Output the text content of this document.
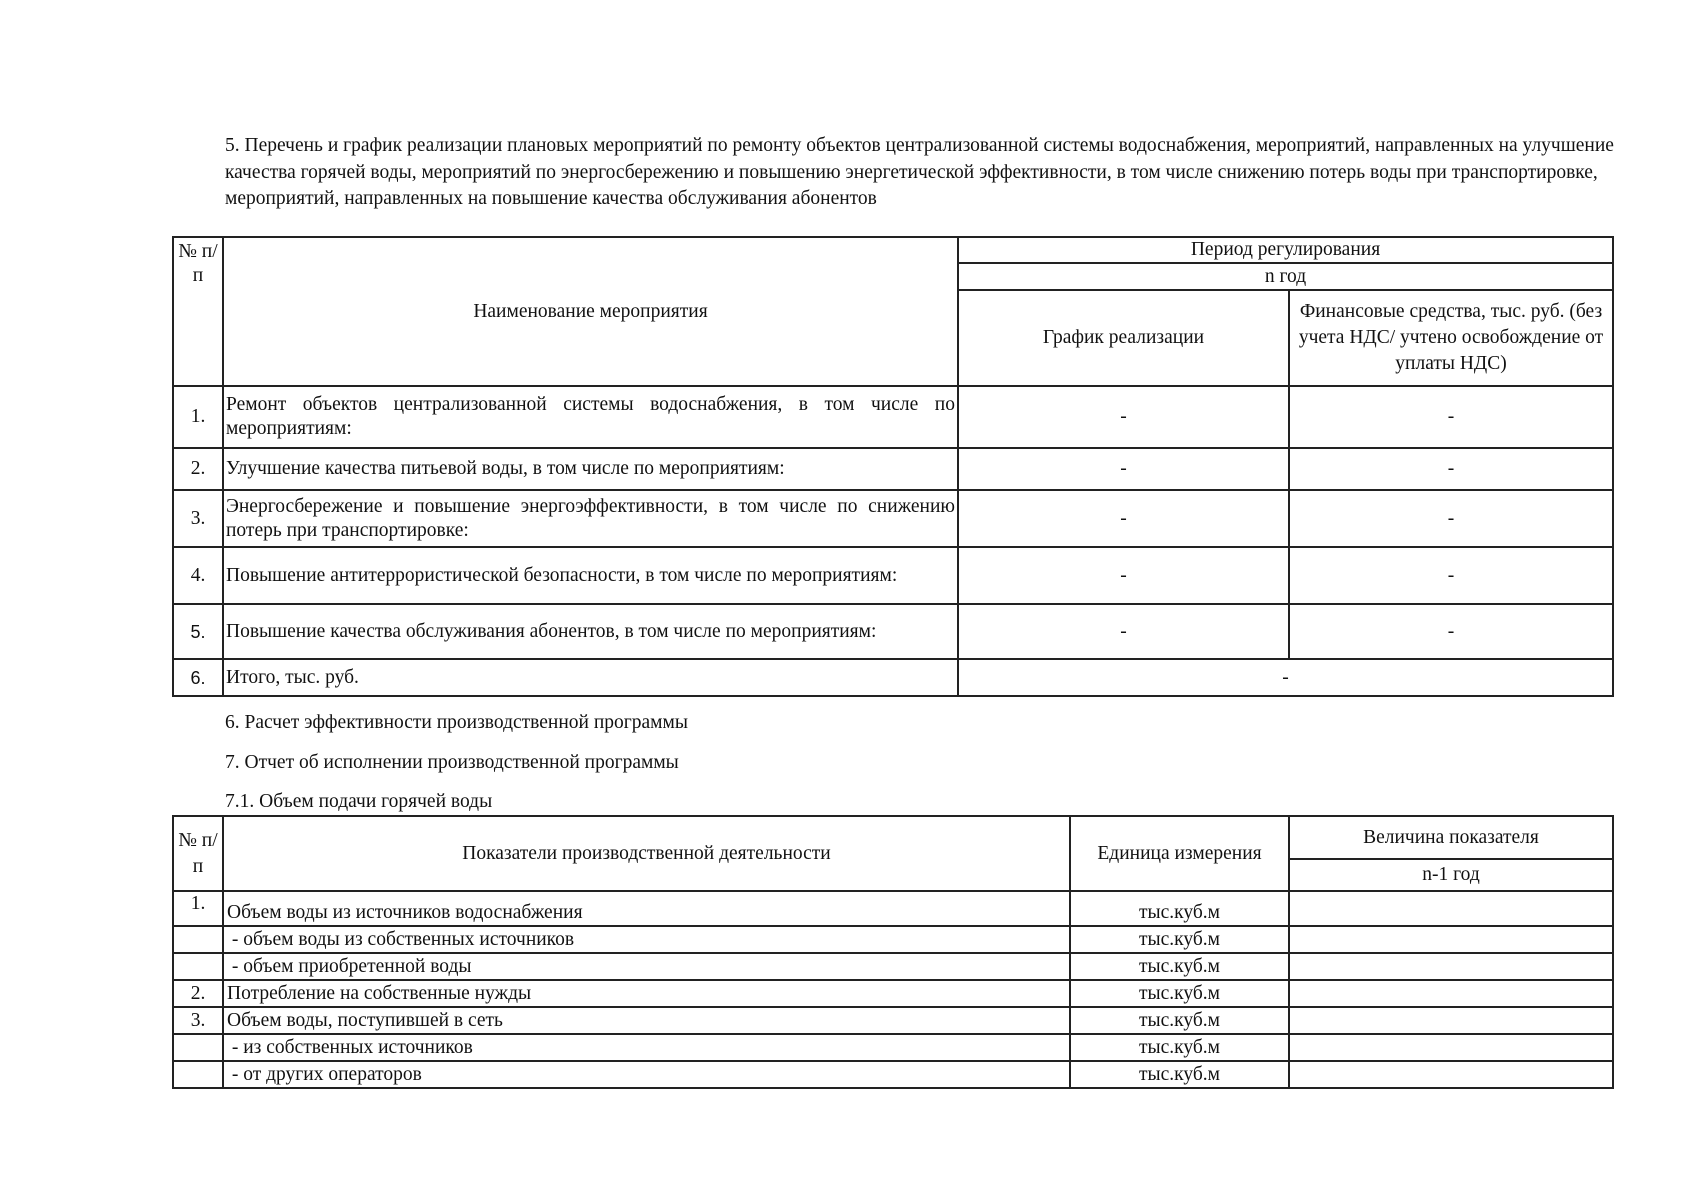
5. Перечень и график реализации плановых мероприятий по ремонту объектов централизованной системы водоснабжения, мероприятий, направленных на улучшение качества горячей воды, мероприятий по энергосбережению и повышению энергетической эффективности, в том числе снижению потерь воды при транспортировке, мероприятий, направленных на повышение качества обслуживания абонентов

№ п/п	Наименование мероприятия	Период регулирования	
		n год	
		График реализации	Финансовые средства, тыс. руб. (без учета НДС/ учтено освобождение от уплаты НДС)
1.	Ремонт объектов централизованной системы водоснабжения, в том числе по мероприятиям:	-	-
2.	Улучшение качества питьевой воды, в том числе по мероприятиям:	-	-
3.	Энергосбережение и повышение энергоэффективности, в том числе по снижению потерь при транспортировке:	-	-
4.	Повышение антитеррористической безопасности, в том числе по мероприятиям:	-	-
5.	Повышение качества обслуживания абонентов, в том числе по мероприятиям:	-	-
6.	Итого, тыс. руб.	-	

6. Расчет эффективности производственной программы

7. Отчет об исполнении производственной программы

7.1. Объем подачи горячей воды

№ п/п	Показатели производственной деятельности	Единица измерения	Величина показателя
			n-1 год
1.	Объем воды из источников водоснабжения	тыс.куб.м	
	- объем воды из собственных источников	тыс.куб.м	
	- объем приобретенной воды	тыс.куб.м	
2.	Потребление на собственные нужды	тыс.куб.м	
3.	Объем воды, поступившей в сеть	тыс.куб.м	
	- из собственных источников	тыс.куб.м	
	- от других операторов	тыс.куб.м	
